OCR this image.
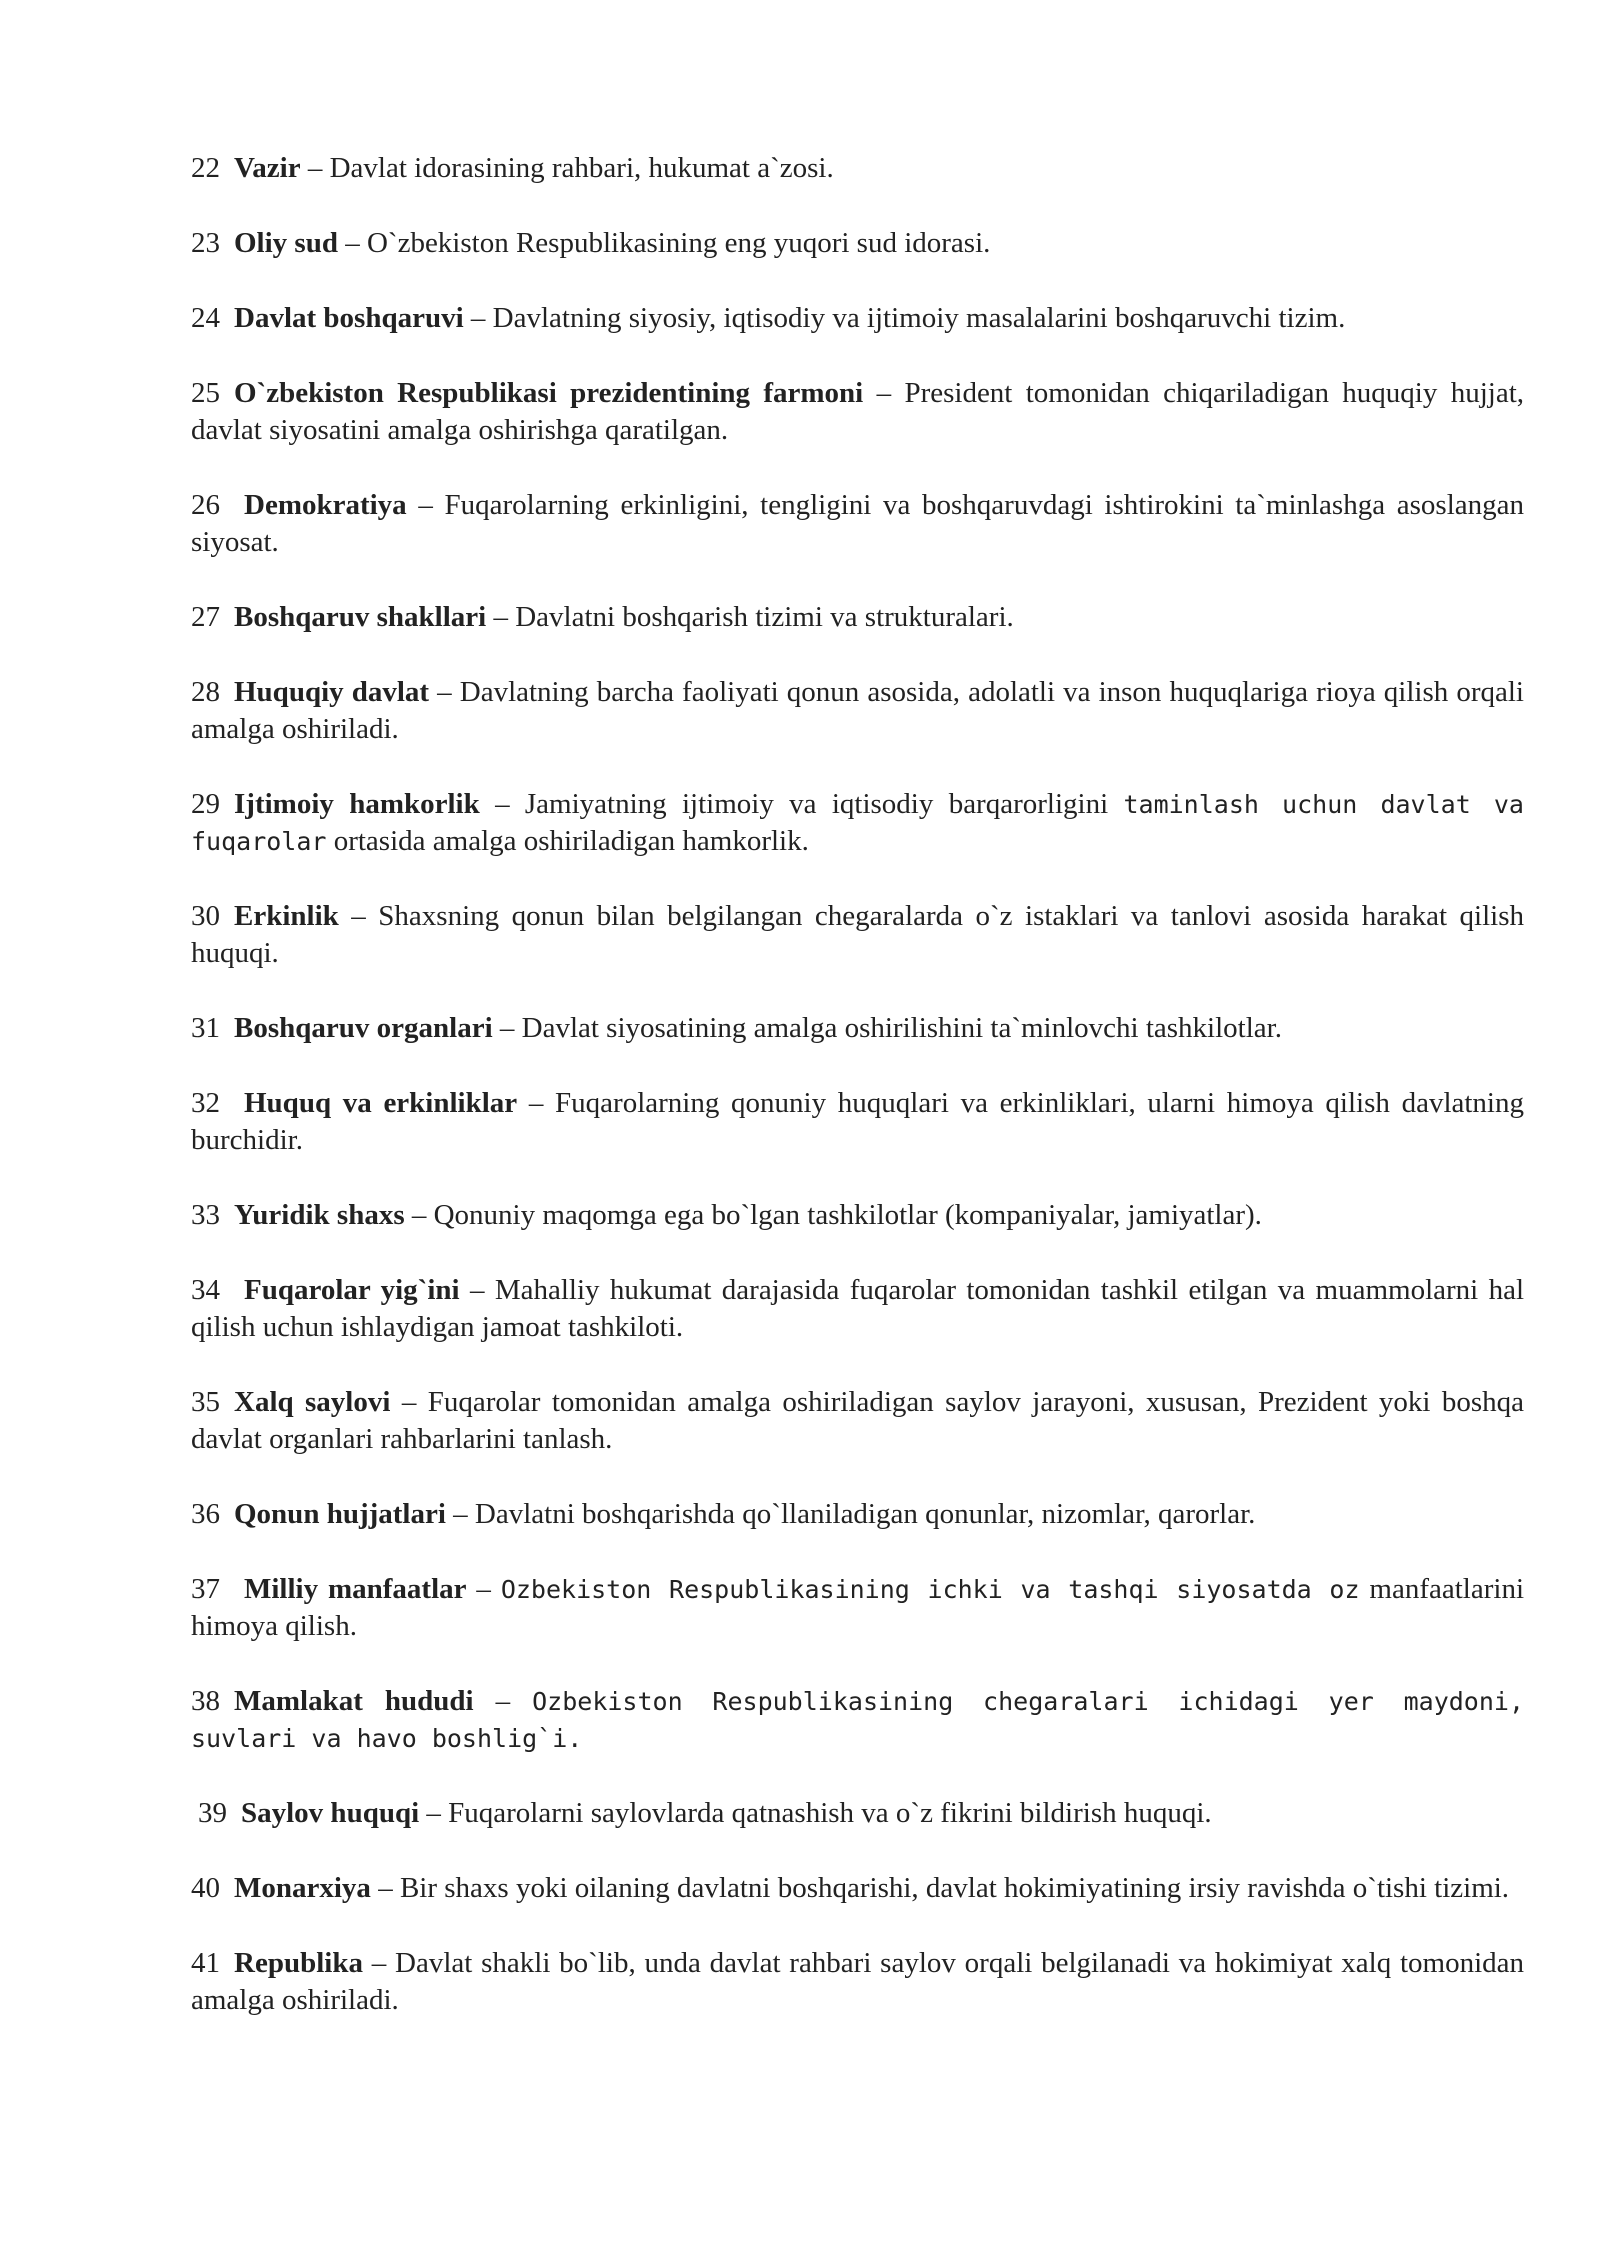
22 Vazir – Davlat idorasining rahbari, hukumat a`zosi.

23 Oliy sud – O`zbekiston Respublikasining eng yuqori sud idorasi.

24 Davlat boshqaruvi – Davlatning siyosiy, iqtisodiy va ijtimoiy masalalarini boshqaruvchi tizim.

25 O`zbekiston Respublikasi prezidentining farmoni – President tomonidan chiqariladigan huquqiy hujjat, davlat siyosatini amalga oshirishga qaratilgan.

26 Demokratiya – Fuqarolarning erkinligini, tengligini va boshqaruvdagi ishtirokini ta`minlashga asoslangan siyosat.

27 Boshqaruv shakllari – Davlatni boshqarish tizimi va strukturalari.

28 Huquqiy davlat – Davlatning barcha faoliyati qonun asosida, adolatli va inson huquqlariga rioya qilish orqali amalga oshiriladi.

29 Ijtimoiy hamkorlik – Jamiyatning ijtimoiy va iqtisodiy barqarorligini taminlash uchun davlat va fuqarolar ortasida amalga oshiriladigan hamkorlik.

30 Erkinlik – Shaxsning qonun bilan belgilangan chegaralarda o`z istaklari va tanlovi asosida harakat qilish huquqi.

31 Boshqaruv organlari – Davlat siyosatining amalga oshirilishini ta`minlovchi tashkilotlar.

32 Huquq va erkinliklar – Fuqarolarning qonuniy huquqlari va erkinliklari, ularni himoya qilish davlatning burchidir.

33 Yuridik shaxs – Qonuniy maqomga ega bo`lgan tashkilotlar (kompaniyalar, jamiyatlar).

34 Fuqarolar yig`ini – Mahalliy hukumat darajasida fuqarolar tomonidan tashkil etilgan va muammolarni hal qilish uchun ishlaydigan jamoat tashkiloti.

35 Xalq saylovi – Fuqarolar tomonidan amalga oshiriladigan saylov jarayoni, xususan, Prezident yoki boshqa davlat organlari rahbarlarini tanlash.

36 Qonun hujjatlari – Davlatni boshqarishda qo`llaniladigan qonunlar, nizomlar, qarorlar.

37 Milliy manfaatlar – Ozbekiston Respublikasining ichki va tashqi siyosatda oz manfaatlarini himoya qilish.

38 Mamlakat hududi – Ozbekiston Respublikasining chegaralari ichidagi yer maydoni, suvlari va havo boshlig`i.

39 Saylov huquqi – Fuqarolarni saylovlarda qatnashish va o`z fikrini bildirish huquqi.

40 Monarxiya – Bir shaxs yoki oilaning davlatni boshqarishi, davlat hokimiyatining irsiy ravishda o`tishi tizimi.

41 Republika – Davlat shakli bo`lib, unda davlat rahbari saylov orqali belgilanadi va hokimiyat xalq tomonidan amalga oshiriladi.
